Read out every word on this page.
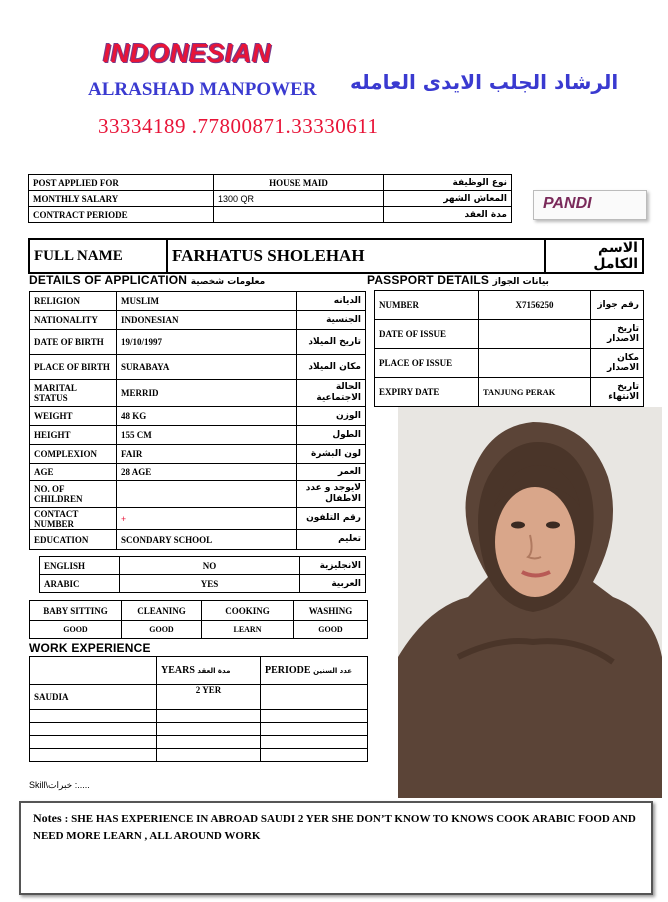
INDONESIAN
ALRASHAD MANPOWER الرشاد الجلب الايدى العامله
33334189 .77800871.33330611
POST APPLIED FOR	HOUSE MAID	نوع الوظيفة
MONTHLY SALARY	1300 QR	المعاش الشهر
CONTRACT PERIODE		مدة العقد
PANDI
FULL NAME	FARHATUS SHOLEHAH	الاسم الكامل
DETAILS OF APPLICATION معلومات شخصية
RELIGION	MUSLIM	الديانه
NATIONALITY	INDONESIAN	الجنسية
DATE OF BIRTH	19/10/1997	تاريخ الميلاد
PLACE OF BIRTH	SURABAYA	مكان الميلاد
MARITAL STATUS	MERRID	الحالة الاجتماعية
WEIGHT	48 KG	الوزن
HEIGHT	155 CM	الطول
COMPLEXION	FAIR	لون البشرة
AGE	28 AGE	العمر
NO. OF CHILDREN		لايوجد و عدد الاطفال
CONTACT NUMBER	+	رقم التلفون
EDUCATION	SCONDARY SCHOOL	تعليم
ENGLISH	NO	الانجليزية
ARABIC	YES	العربية
BABY SITTING	CLEANING	COOKING	WASHING
GOOD	GOOD	LEARN	GOOD
PASSPORT DETAILS بيانات الجواز
NUMBER	X7156250	رقم جواز
DATE OF ISSUE		تاريخ الاصدار
PLACE OF ISSUE		مكان الاصدار
EXPIRY DATE	TANJUNG PERAK	تاريخ الانتهاء
WORK EXPERIENCE
	YEARS مدة العقد	PERIODE عدد السنين
SAUDIA	2 YER	

Skill\خبرات :.....
Notes : SHE HAS EXPERIENCE IN ABROAD SAUDI 2 YER SHE DON’T KNOW TO KNOWS COOK ARABIC FOOD AND NEED MORE LEARN , ALL AROUND WORK
